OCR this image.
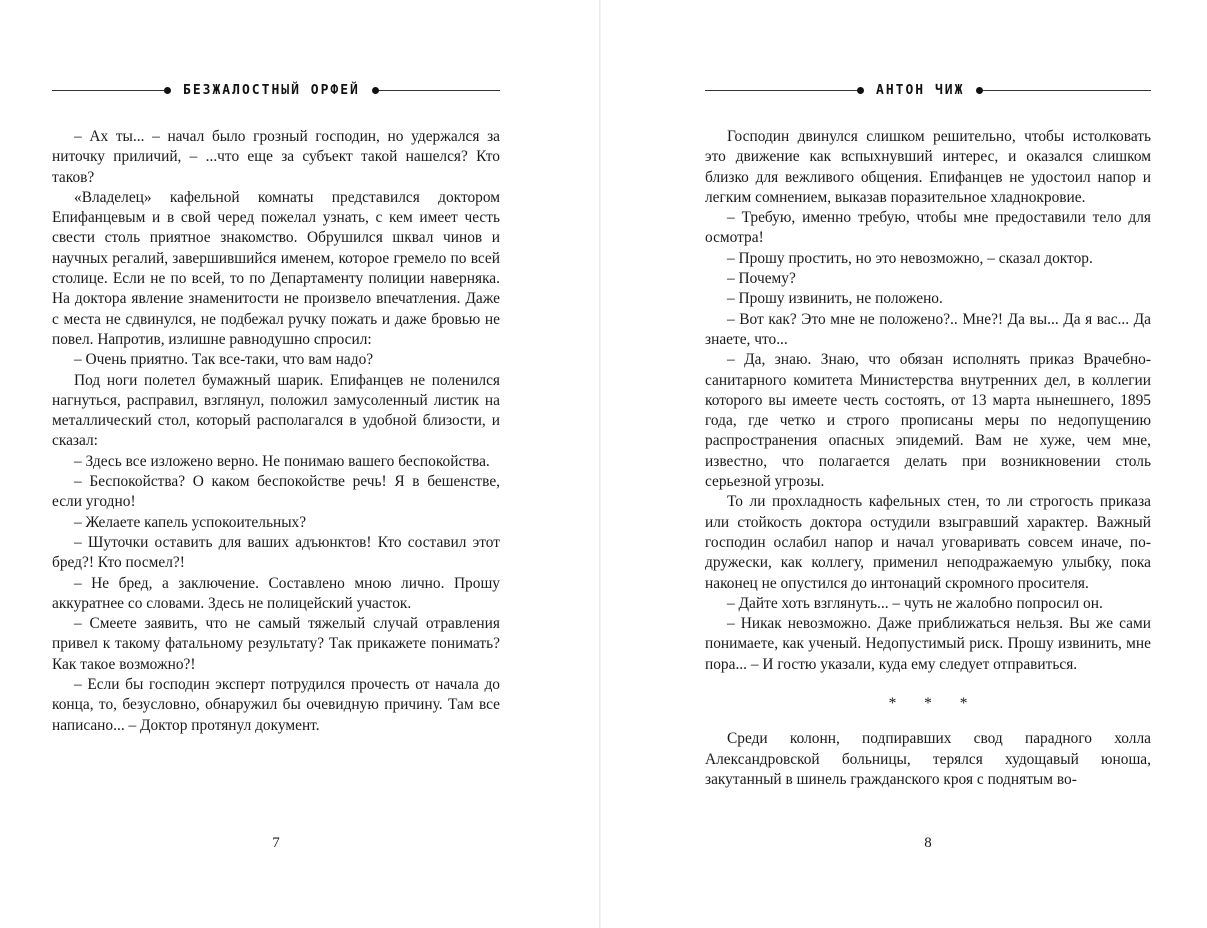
БЕЗЖАЛОСТНЫЙ ОРФЕЙ

– Ах ты... – начал было грозный господин, но удержался за ниточку приличий, – ...что еще за субъект такой нашелся? Кто таков?

«Владелец» кафельной комнаты представился доктором Епифанцевым и в свой черед пожелал узнать, с кем имеет честь свести столь приятное знакомство. Обрушился шквал чинов и научных регалий, завершившийся именем, которое гремело по всей столице. Если не по всей, то по Департаменту полиции наверняка. На доктора явление знаменитости не произвело впечатления. Даже с места не сдвинулся, не подбежал ручку пожать и даже бровью не повел. Напротив, излишне равнодушно спросил:

– Очень приятно. Так все-таки, что вам надо?

Под ноги полетел бумажный шарик. Епифанцев не поленился нагнуться, расправил, взглянул, положил замусоленный листик на металлический стол, который располагался в удобной близости, и сказал:

– Здесь все изложено верно. Не понимаю вашего беспокойства.

– Беспокойства? О каком беспокойстве речь! Я в бешенстве, если угодно!

– Желаете капель успокоительных?

– Шуточки оставить для ваших адъюнктов! Кто составил этот бред?! Кто посмел?!

– Не бред, а заключение. Составлено мною лично. Прошу аккуратнее со словами. Здесь не полицейский участок.

– Смеете заявить, что не самый тяжелый случай отравления привел к такому фатальному результату? Так прикажете понимать? Как такое возможно?!

– Если бы господин эксперт потрудился прочесть от начала до конца, то, безусловно, обнаружил бы очевидную причину. Там все написано... – Доктор протянул документ.

7
АНТОН ЧИЖ

Господин двинулся слишком решительно, чтобы истолковать это движение как вспыхнувший интерес, и оказался слишком близко для вежливого общения. Епифанцев не удостоил напор и легким сомнением, выказав поразительное хладнокровие.

– Требую, именно требую, чтобы мне предоставили тело для осмотра!

– Прошу простить, но это невозможно, – сказал доктор.

– Почему?

– Прошу извинить, не положено.

– Вот как? Это мне не положено?.. Мне?! Да вы... Да я вас... Да знаете, что...

– Да, знаю. Знаю, что обязан исполнять приказ Врачебно-санитарного комитета Министерства внутренних дел, в коллегии которого вы имеете честь состоять, от 13 марта нынешнего, 1895 года, где четко и строго прописаны меры по недопущению распространения опасных эпидемий. Вам не хуже, чем мне, известно, что полагается делать при возникновении столь серьезной угрозы.

То ли прохладность кафельных стен, то ли строгость приказа или стойкость доктора остудили взыгравший характер. Важный господин ослабил напор и начал уговаривать совсем иначе, по-дружески, как коллегу, применил неподражаемую улыбку, пока наконец не опустился до интонаций скромного просителя.

– Дайте хоть взглянуть... – чуть не жалобно попросил он.

– Никак невозможно. Даже приближаться нельзя. Вы же сами понимаете, как ученый. Недопустимый риск. Прошу извинить, мне пора... – И гостю указали, куда ему следует отправиться.

* * *

Среди колонн, подпиравших свод парадного холла Александровской больницы, терялся худощавый юноша, закутанный в шинель гражданского кроя с поднятым во-

8
